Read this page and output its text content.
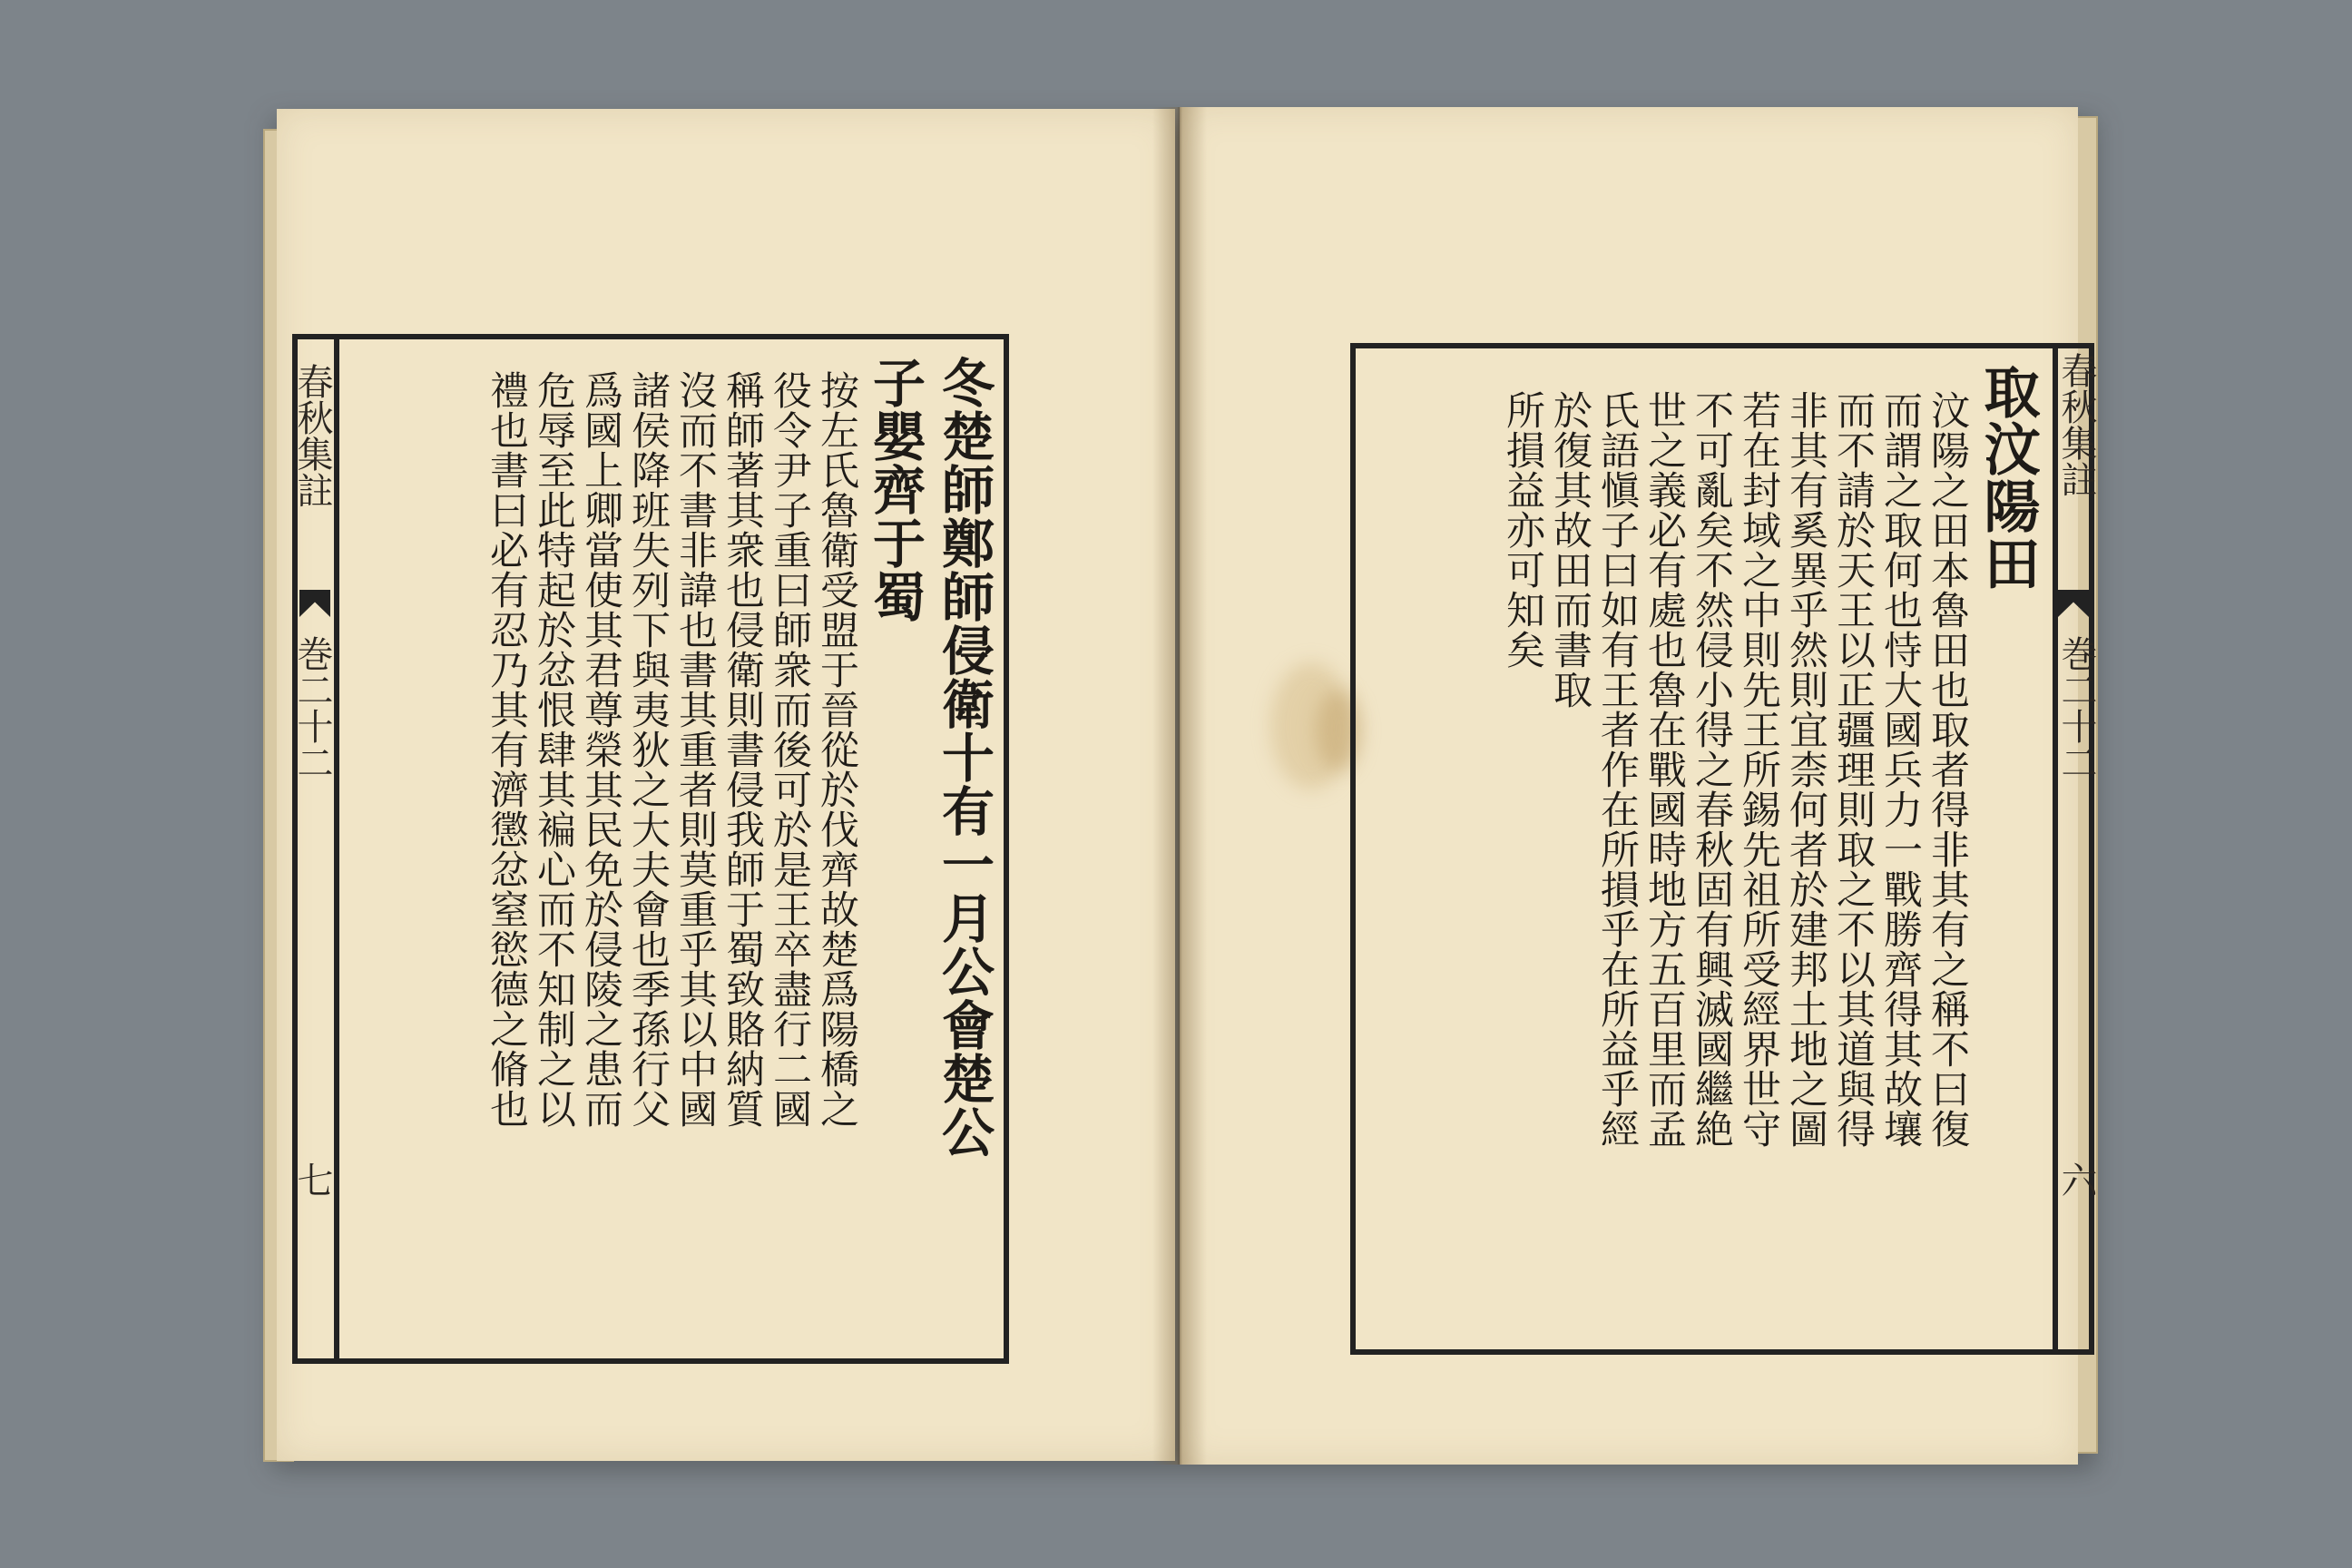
春秋集註
巻二十二
七
冬楚師鄭師侵衛十有一月公會楚公
子嬰齊于蜀
按左氏魯衛受盟于晉從於伐齊故楚爲陽橋之
役令尹子重曰師衆而後可於是王卒盡行二國
稱師著其衆也侵衛則書侵我師于蜀致賂納質
沒而不書非諱也書其重者則莫重乎其以中國
諸侯降班失列下與夷狄之大夫會也季孫行父
爲國上卿當使其君尊榮其民免於侵陵之患而
危辱至此特起於忿恨肆其褊心而不知制之以
禮也書曰必有忍乃其有濟懲忿窒慾德之脩也	春秋集註
巻二十二
六
取汶陽田
汶陽之田本魯田也取者得非其有之稱不曰復
而謂之取何也恃大國兵力一戰勝齊得其故壤
而不請於天王以正疆理則取之不以其道與得
非其有奚異乎然則宜柰何者於建邦土地之圖
若在封域之中則先王所錫先祖所受經界世守
不可亂矣不然侵小得之春秋固有興滅國繼絶
世之義必有處也魯在戰國時地方五百里而孟
氏語愼子曰如有王者作在所損乎在所益乎經
於復其故田而書取
所損益亦可知矣
